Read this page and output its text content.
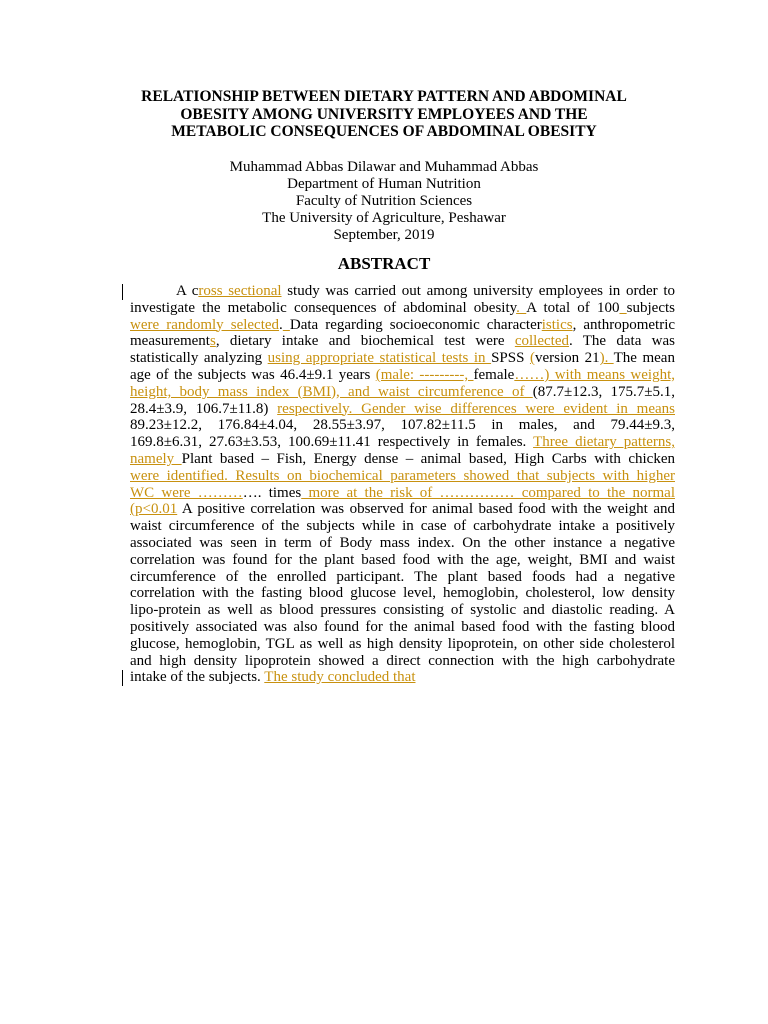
RELATIONSHIP BETWEEN DIETARY PATTERN AND ABDOMINAL
OBESITY AMONG UNIVERSITY EMPLOYEES AND THE
METABOLIC CONSEQUENCES OF ABDOMINAL OBESITY
Muhammad Abbas Dilawar and Muhammad Abbas
Department of Human Nutrition
Faculty of Nutrition Sciences
The University of Agriculture, Peshawar
September, 2019
ABSTRACT
A cross sectional study was carried out among university employees in order to
investigate the metabolic consequences of abdominal obesity. A total of 100 subjects
were randomly selected. Data regarding socioeconomic characteristics, anthropometric
measurements, dietary intake and biochemical test were collected. The data was
statistically analyzing using appropriate statistical tests in SPSS (version 21). The mean
age of the subjects was 46.4±9.1 years (male: ---------, female……) with means weight,
height, body mass index (BMI), and waist circumference of (87.7±12.3, 175.7±5.1,
28.4±3.9, 106.7±11.8) respectively. Gender wise differences were evident in means
89.23±12.2, 176.84±4.04, 28.55±3.97, 107.82±11.5 in males, and 79.44±9.3,
169.8±6.31, 27.63±3.53, 100.69±11.41 respectively in females. Three dietary patterns,
namely Plant based – Fish, Energy dense – animal based, High Carbs with chicken
were identified. Results on biochemical parameters showed that subjects with higher
WC were …………. times more at the risk of …………… compared to the normal
(p<0.01 A positive correlation was observed for animal based food with the weight and
waist circumference of the subjects while in case of carbohydrate intake a positively
associated was seen in term of Body mass index. On the other instance a negative
correlation was found for the plant based food with the age, weight, BMI and waist
circumference of the enrolled participant. The plant based foods had a negative
correlation with the fasting blood glucose level, hemoglobin, cholesterol, low density
lipo-protein as well as blood pressures consisting of systolic and diastolic reading. A
positively associated was also found for the animal based food with the fasting blood
glucose, hemoglobin, TGL as well as high density lipoprotein, on other side cholesterol
and high density lipoprotein showed a direct connection with the high carbohydrate
intake of the subjects. The study concluded that
